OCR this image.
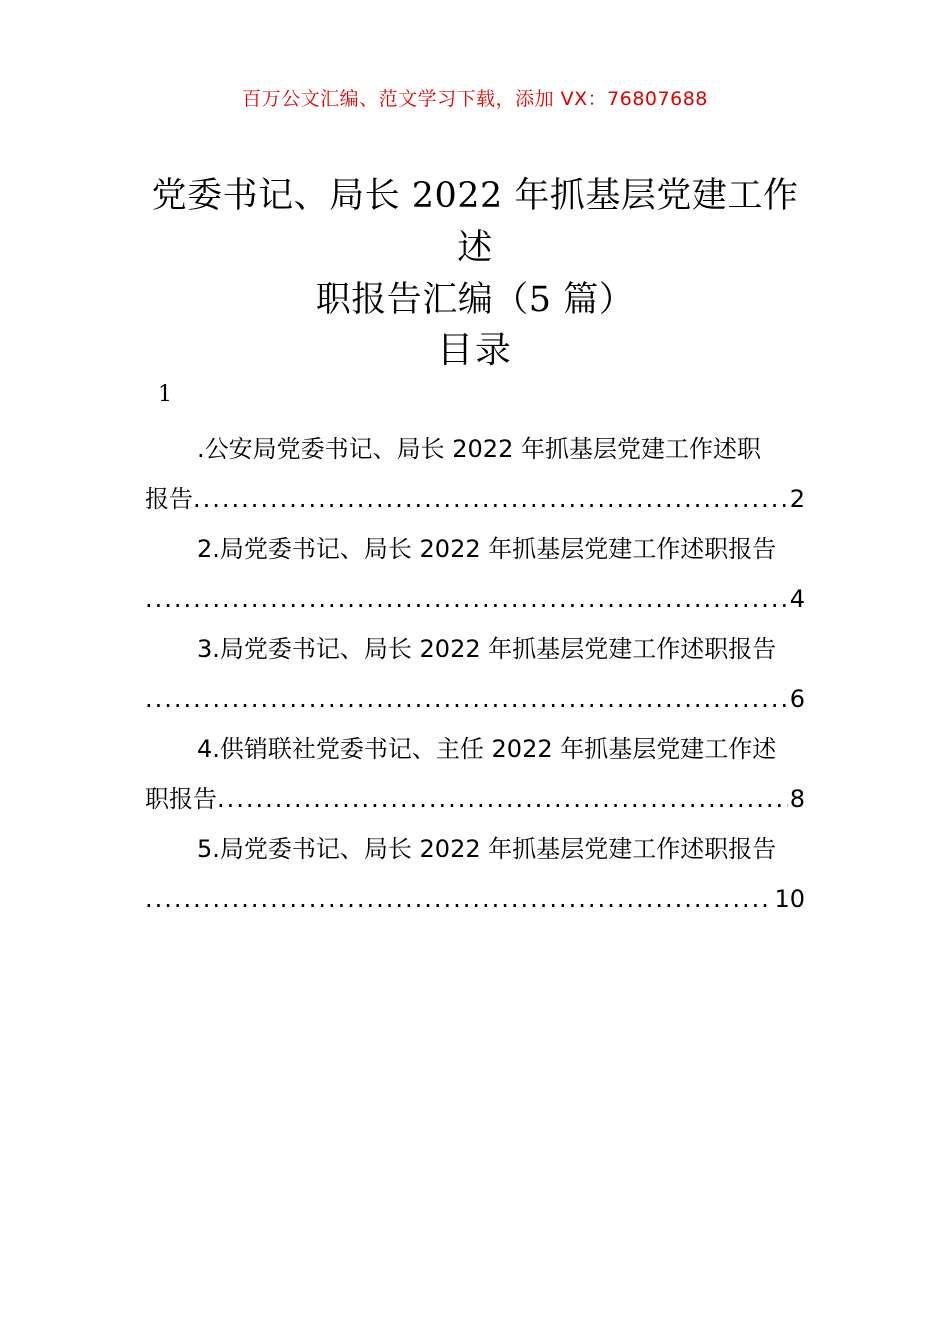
百万公文汇编、范文学习下载，添加 VX：76807688
党委书记、局长 2022 年抓基层党建工作述
职报告汇编（5 篇）
目录
1
.公安局党委书记、局长 2022 年抓基层党建工作述职
报告 .....	2
2.局党委书记、局长 2022 年抓基层党建工作述职报告
.....
4
3.局党委书记、局长 2022 年抓基层党建工作述职报告
.....
6
4.供销联社党委书记、主任 2022 年抓基层党建工作述
职报告 .....	8
5.局党委书记、局长 2022 年抓基层党建工作述职报告
.....
10
